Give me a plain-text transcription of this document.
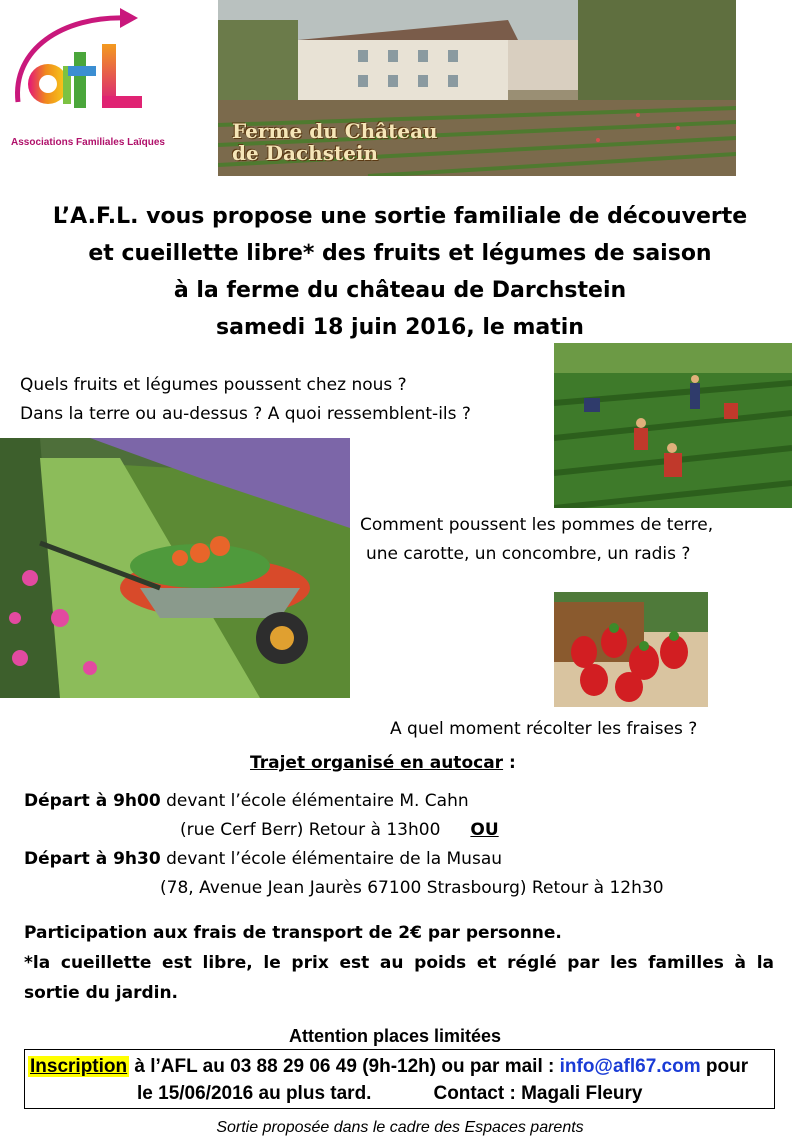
Associations Familiales Laïques	Ferme du Château
de Dachstein
L’A.F.L. vous propose une sortie familiale de découverte
et cueillette libre* des fruits et légumes de saison
à la ferme du château de Darchstein
samedi 18 juin 2016, le matin
Quels fruits et légumes poussent chez nous ?
Dans la terre ou au-dessus ? A quoi ressemblent-ils ?
Comment poussent les pommes de terre,
une carotte, un concombre, un radis ?
A quel moment récolter les fraises ?
Trajet organisé en autocar :
Départ à 9h00 devant l’école élémentaire M. Cahn
(rue Cerf Berr) Retour à 13h00 OU
Départ à 9h30 devant l’école élémentaire de la Musau
(78, Avenue Jean Jaurès 67100 Strasbourg) Retour à 12h30
Participation aux frais de transport de 2€ par personne.
*la cueillette est libre, le prix est au poids et réglé par les familles à la
sortie du jardin.
Attention places limitées
Inscription à l’AFL au 03 88 29 06 49 (9h-12h) ou par mail : info@afl67.com pour
le 15/06/2016 au plus tard.	Contact : Magali Fleury
Sortie proposée dans le cadre des Espaces parents
